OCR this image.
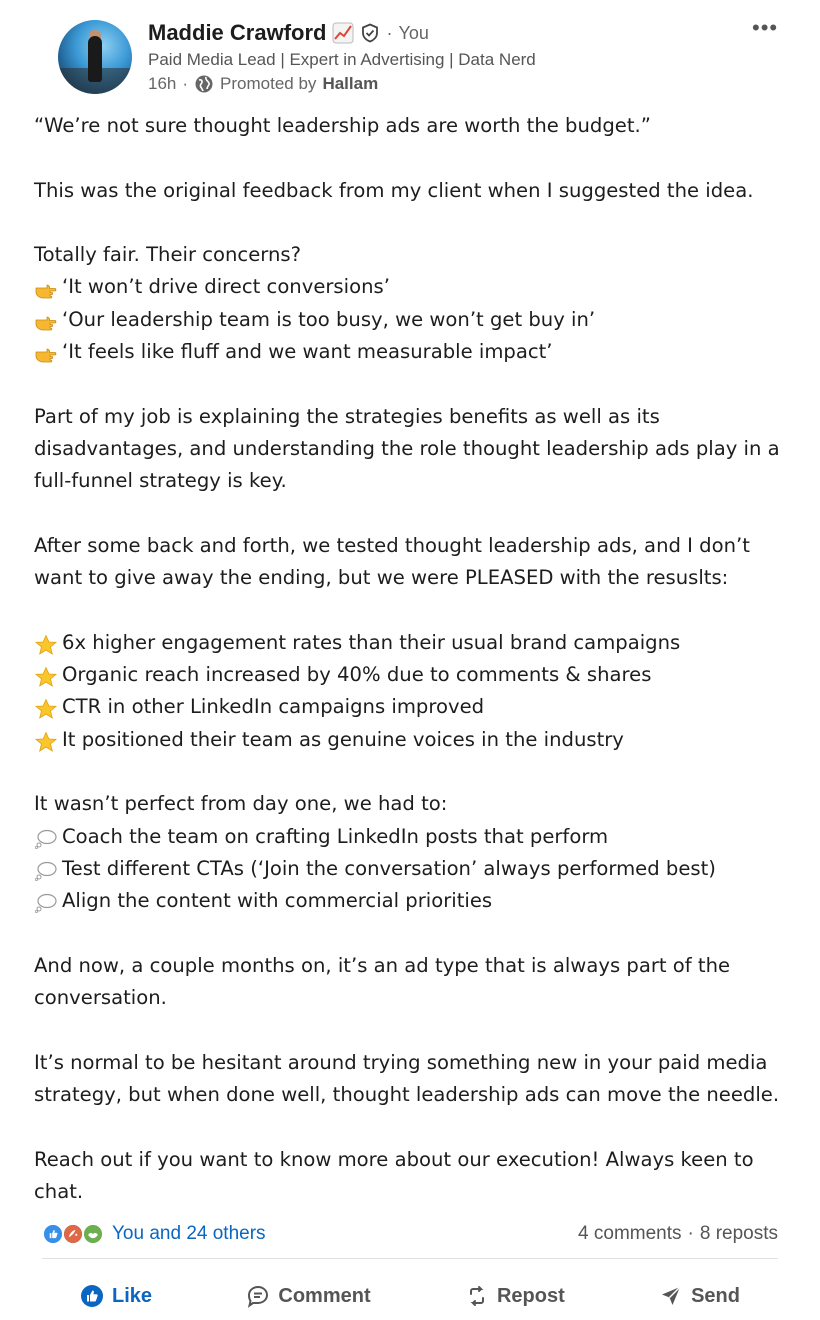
Maddie Crawford	· You
Paid Media Lead | Expert in Advertising | Data Nerd
16h · Promoted by Hallam
•••
“We’re not sure thought leadership ads are worth the budget.”
This was the original feedback from my client when I suggested the idea.
Totally fair. Their concerns?
‘It won’t drive direct conversions’
‘Our leadership team is too busy, we won’t get buy in’
‘It feels like fluff and we want measurable impact’
Part of my job is explaining the strategies benefits as well as its
disadvantages, and understanding the role thought leadership ads play in a
full-funnel strategy is key.
After some back and forth, we tested thought leadership ads, and I don’t
want to give away the ending, but we were PLEASED with the resuslts:
6x higher engagement rates than their usual brand campaigns
Organic reach increased by 40% due to comments & shares
CTR in other LinkedIn campaigns improved
It positioned their team as genuine voices in the industry
It wasn’t perfect from day one, we had to:
Coach the team on crafting LinkedIn posts that perform
Test different CTAs (‘Join the conversation’ always performed best)
Align the content with commercial priorities
And now, a couple months on, it’s an ad type that is always part of the
conversation.
It’s normal to be hesitant around trying something new in your paid media
strategy, but when done well, thought leadership ads can move the needle.
Reach out if you want to know more about our execution! Always keen to
chat.
You and 24 others	4 comments · 8 reposts
Like	Comment	Repost	Send
